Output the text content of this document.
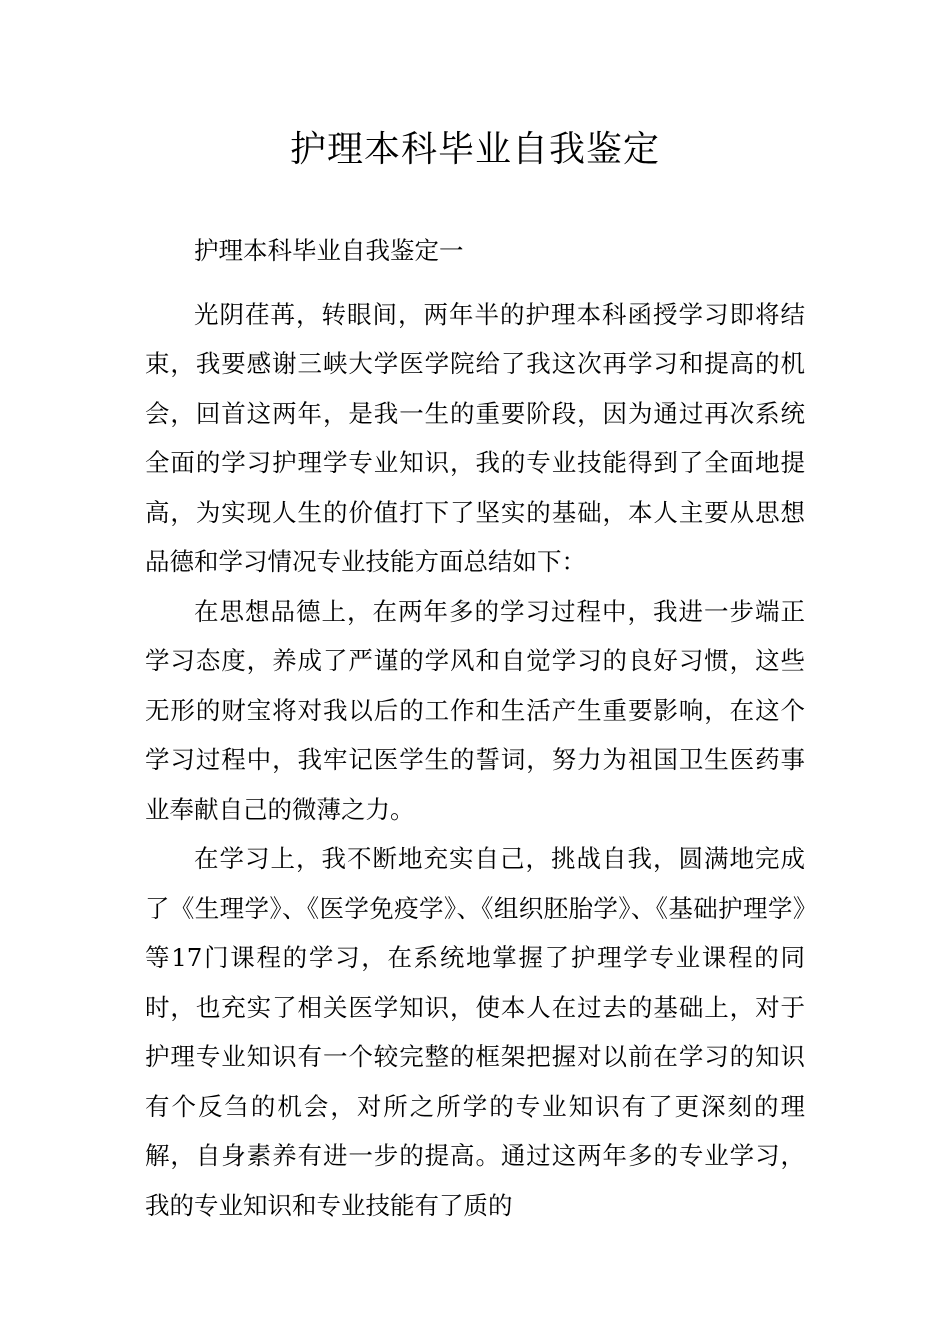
护理本科毕业自我鉴定

护理本科毕业自我鉴定一

光阴荏苒，转眼间，两年半的护理本科函授学习即将结束，我要感谢三峡大学医学院给了我这次再学习和提高的机会，回首这两年，是我一生的重要阶段，因为通过再次系统全面的学习护理学专业知识，我的专业技能得到了全面地提高，为实现人生的价值打下了坚实的基础，本人主要从思想品德和学习情况专业技能方面总结如下：

在思想品德上，在两年多的学习过程中，我进一步端正学习态度，养成了严谨的学风和自觉学习的良好习惯，这些无形的财宝将对我以后的工作和生活产生重要影响，在这个学习过程中，我牢记医学生的誓词，努力为祖国卫生医药事业奉献自己的微薄之力。

在学习上，我不断地充实自己，挑战自我，圆满地完成了《生理学》、《医学免疫学》、《组织胚胎学》、《基础护理学》等17门课程的学习，在系统地掌握了护理学专业课程的同时，也充实了相关医学知识，使本人在过去的基础上，对于护理专业知识有一个较完整的框架把握对以前在学习的知识有个反刍的机会，对所之所学的专业知识有了更深刻的理解，自身素养有进一步的提高。通过这两年多的专业学习，我的专业知识和专业技能有了质的
